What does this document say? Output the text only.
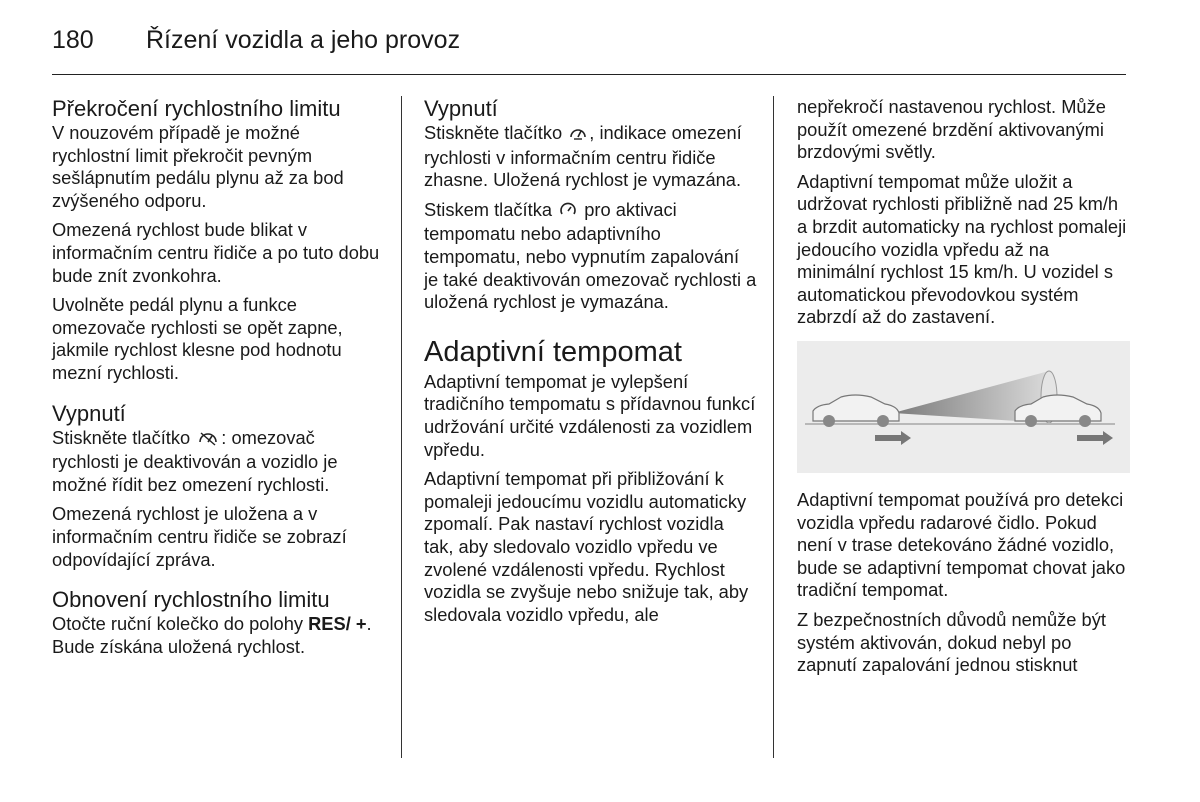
180 Řízení vozidla a jeho provoz
Překročení rychlostního limitu

V nouzovém případě je možné rychlostní limit překročit pevným sešlápnutím pedálu plynu až za bod zvýšeného odporu.

Omezená rychlost bude blikat v informačním centru řidiče a po tuto dobu bude znít zvonkohra.

Uvolněte pedál plynu a funkce omezovače rychlosti se opět zapne, jakmile rychlost klesne pod hodnotu mezní rychlosti.

Vypnutí

Stiskněte tlačítko : omezovač rychlosti je deaktivován a vozidlo je možné řídit bez omezení rychlosti.

Omezená rychlost je uložena a v informačním centru řidiče se zobrazí odpovídající zpráva.

Obnovení rychlostního limitu

Otočte ruční kolečko do polohy RES/ +. Bude získána uložená rychlost.

Vypnutí

Stiskněte tlačítko , indikace omezení rychlosti v informačním centru řidiče zhasne. Uložená rychlost je vymazána.

Stiskem tlačítka pro aktivaci tempomatu nebo adaptivního tempomatu, nebo vypnutím zapalování je také deaktivován omezovač rychlosti a uložená rychlost je vymazána.

Adaptivní tempomat

Adaptivní tempomat je vylepšení tradičního tempomatu s přídavnou funkcí udržování určité vzdálenosti za vozidlem vpředu.

Adaptivní tempomat při přibližování k pomaleji jedoucímu vozidlu automaticky zpomalí. Pak nastaví rychlost vozidla tak, aby sledovalo vozidlo vpředu ve zvolené vzdálenosti vpředu. Rychlost vozidla se zvyšuje nebo snižuje tak, aby sledovala vozidlo vpředu, ale

nepřekročí nastavenou rychlost. Může použít omezené brzdění aktivovanými brzdovými světly.

Adaptivní tempomat může uložit a udržovat rychlosti přibližně nad 25 km/h a brzdit automaticky na rychlost pomaleji jedoucího vozidla vpředu až na minimální rychlost 15 km/h. U vozidel s automatickou převodovkou systém zabrzdí až do zastavení.

Adaptivní tempomat používá pro detekci vozidla vpředu radarové čidlo. Pokud není v trase detekováno žádné vozidlo, bude se adaptivní tempomat chovat jako tradiční tempomat.

Z bezpečnostních důvodů nemůže být systém aktivován, dokud nebyl po zapnutí zapalování jednou stisknut
